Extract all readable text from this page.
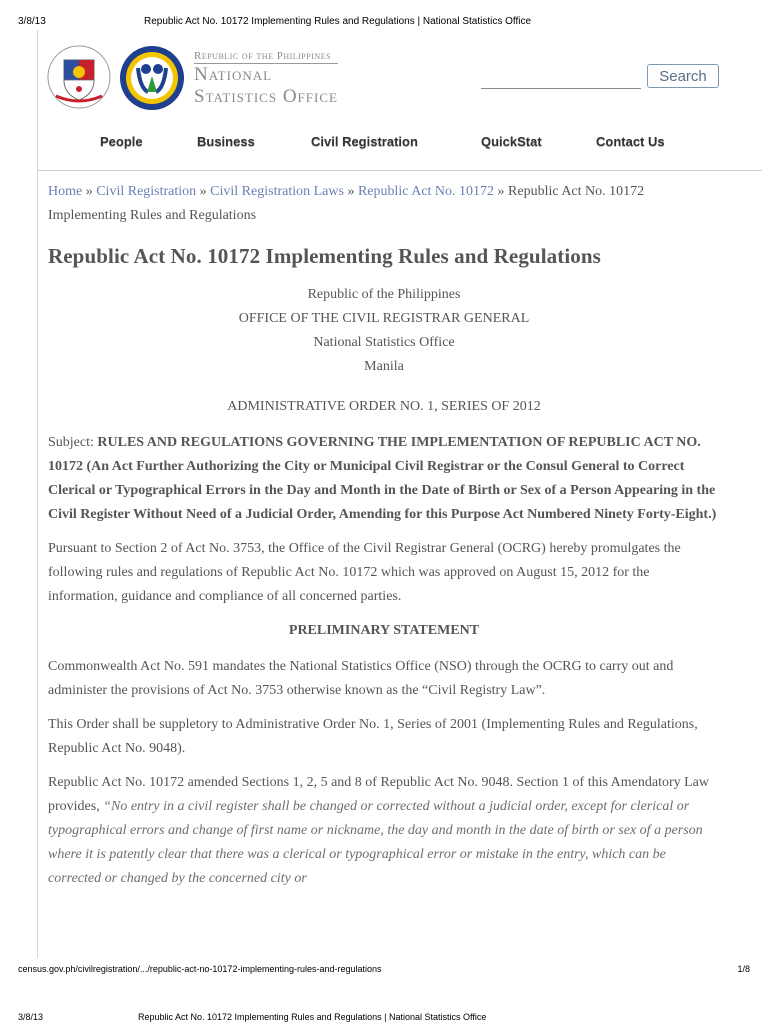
3/8/13	Republic Act No. 10172 Implementing Rules and Regulations | National Statistics Office
Republic of the Philippines
National
Statistics Office
Search
People	Business	Civil Registration	QuickStat	Contact Us
Home » Civil Registration » Civil Registration Laws » Republic Act No. 10172 » Republic Act No. 10172 Implementing Rules and Regulations
Republic Act No. 10172 Implementing Rules and Regulations

Republic of the Philippines

OFFICE OF THE CIVIL REGISTRAR GENERAL

National Statistics Office

Manila

ADMINISTRATIVE ORDER NO. 1, SERIES OF 2012

Subject: RULES AND REGULATIONS GOVERNING THE IMPLEMENTATION OF REPUBLIC ACT NO. 10172 (An Act Further Authorizing the City or Municipal Civil Registrar or the Consul General to Correct Clerical or Typographical Errors in the Day and Month in the Date of Birth or Sex of a Person Appearing in the Civil Register Without Need of a Judicial Order, Amending for this Purpose Act Numbered Ninety Forty-Eight.)

Pursuant to Section 2 of Act No. 3753, the Office of the Civil Registrar General (OCRG) hereby promulgates the following rules and regulations of Republic Act No. 10172 which was approved on August 15, 2012 for the information, guidance and compliance of all concerned parties.

PRELIMINARY STATEMENT

Commonwealth Act No. 591 mandates the National Statistics Office (NSO) through the OCRG to carry out and administer the provisions of Act No. 3753 otherwise known as the “Civil Registry Law”.

This Order shall be suppletory to Administrative Order No. 1, Series of 2001 (Implementing Rules and Regulations, Republic Act No. 9048).

Republic Act No. 10172 amended Sections 1, 2, 5 and 8 of Republic Act No. 9048. Section 1 of this Amendatory Law provides, “No entry in a civil register shall be changed or corrected without a judicial order, except for clerical or typographical errors and change of first name or nickname, the day and month in the date of birth or sex of a person where it is patently clear that there was a clerical or typographical error or mistake in the entry, which can be corrected or changed by the concerned city or

census.gov.ph/civilregistration/.../republic-act-no-10172-implementing-rules-and-regulations	1/8
3/8/13	Republic Act No. 10172 Implementing Rules and Regulations | National Statistics Office
